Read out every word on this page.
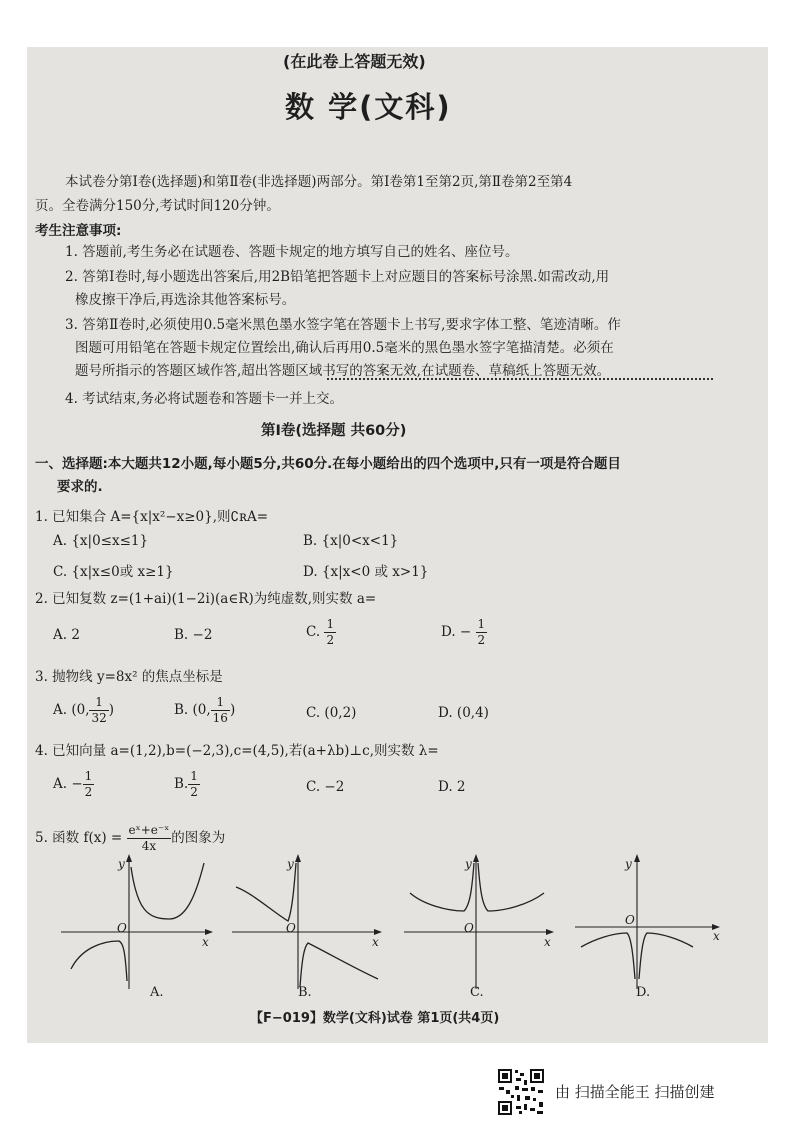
(在此卷上答题无效)
数 学(文科)
本试卷分第Ⅰ卷(选择题)和第Ⅱ卷(非选择题)两部分。第Ⅰ卷第1至第2页,第Ⅱ卷第2至第4
页。全卷满分150分,考试时间120分钟。
考生注意事项:
1. 答题前,考生务必在试题卷、答题卡规定的地方填写自己的姓名、座位号。
2. 答第Ⅰ卷时,每小题选出答案后,用2B铅笔把答题卡上对应题目的答案标号涂黑.如需改动,用
橡皮擦干净后,再选涂其他答案标号。
3. 答第Ⅱ卷时,必须使用0.5毫米黑色墨水签字笔在答题卡上书写,要求字体工整、笔迹清晰。作
图题可用铅笔在答题卡规定位置绘出,确认后再用0.5毫米的黑色墨水签字笔描清楚。必须在
题号所指示的答题区域作答,超出答题区域书写的答案无效,在试题卷、草稿纸上答题无效。
4. 考试结束,务必将试题卷和答题卡一并上交。
第Ⅰ卷(选择题 共60分)
一、选择题:本大题共12小题,每小题5分,共60分.在每小题给出的四个选项中,只有一项是符合题目
要求的.
1. 已知集合 A={x|x²−x≥0},则∁ʀA=
A. {x|0≤x≤1}	B. {x|0<x<1}
C. {x|x≤0或 x≥1}	D. {x|x<0 或 x>1}
2. 已知复数 z=(1+ai)(1−2i)(a∈R)为纯虚数,则实数 a=
A. 2	B. −2	C. $\frac{1}{2}$	D. − $\frac{1}{2}$
3. 抛物线 y=8x² 的焦点坐标是
A. (0, $\frac{1}{32}$ )	B. (0, $\frac{1}{16}$ )	C. (0,2)	D. (0,4)
4. 已知向量 a=(1,2),b=(−2,3),c=(4,5),若(a+λb)⊥c,则实数 λ=
A. − $\frac{1}{2}$	B. $\frac{1}{2}$	C. −2	D. 2
5. 函数 $f(x) = \frac{\text{eˣ+e⁻ˣ}}{4x}$ 的图象为
y
x
O
A.
y
x
O
B.
y
x
O
C.
y
x
O
D.
【F−019】数学(文科)试卷 第1页(共4页)
由 扫描全能王 扫描创建
